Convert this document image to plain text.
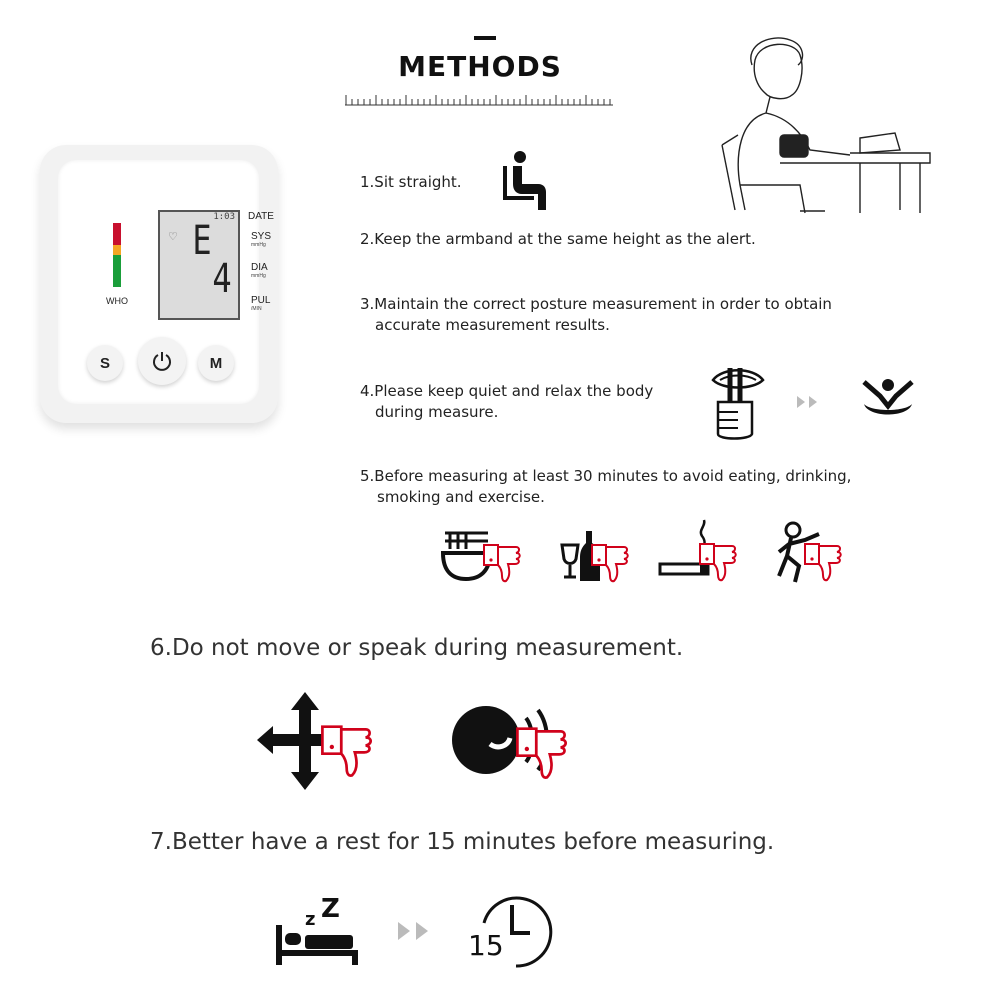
METHODS
WHO
1:03
♡ E
4
DATE
SYS
mmHg
DIA
mmHg
PUL
/MIN
S	M
1.Sit straight.
2.Keep the armband at the same height as the alert.
3.Maintain the correct posture measurement in order to obtain
accurate measurement results.
4.Please keep quiet and relax the body
during measure.
5.Before measuring at least 30 minutes to avoid eating, drinking,
smoking and exercise.
6.Do not move or speak during measurement.
7.Better have a rest for 15 minutes before measuring.
z Z
15
